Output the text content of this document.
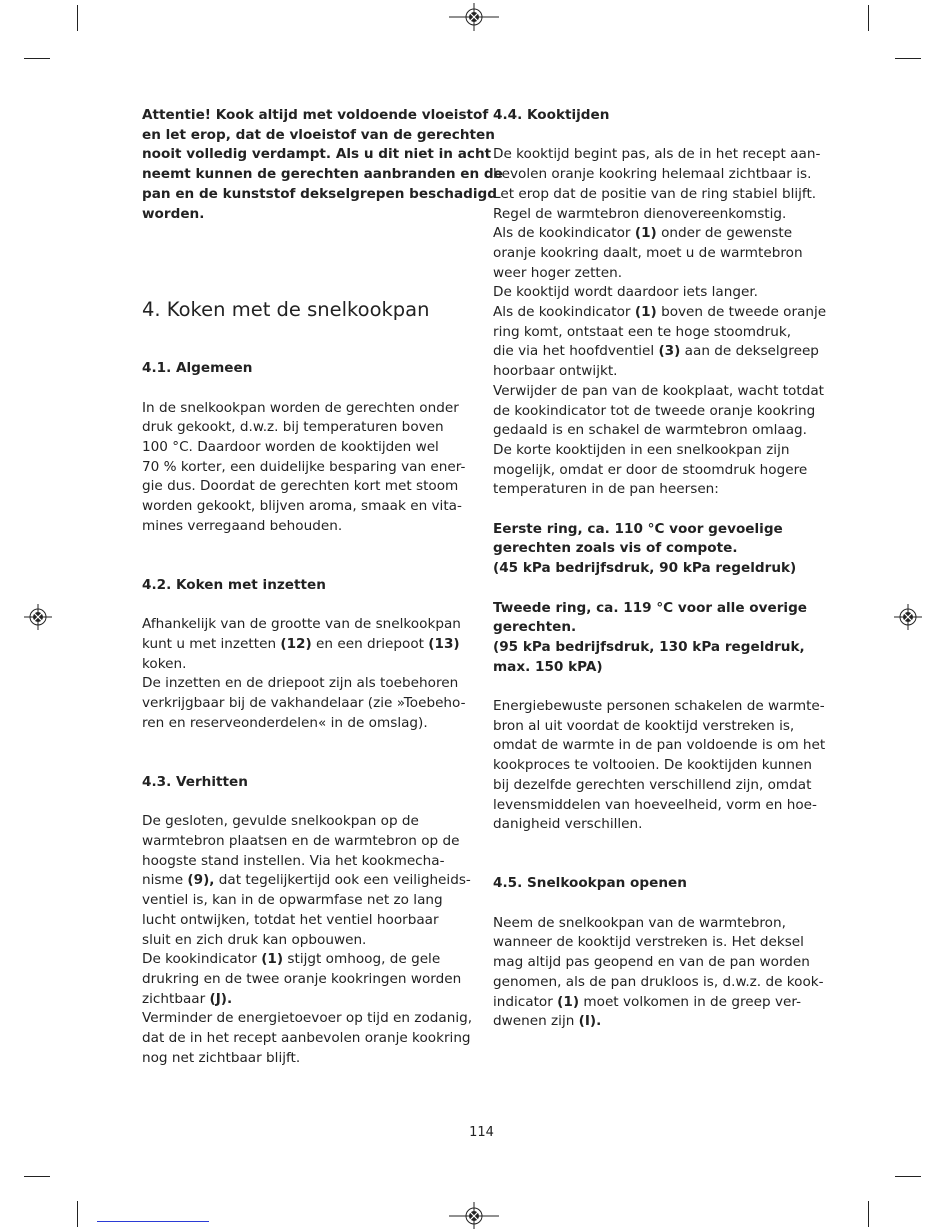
Attentie! Kook altijd met voldoende vloeistof
en let erop, dat de vloeistof van de gerechten
nooit volledig verdampt. Als u dit niet in acht
neemt kunnen de gerechten aanbranden en de
pan en de kunststof dekselgrepen beschadigd
worden.

4. Koken met de snelkookpan
4.1. Algemeen

In de snelkookpan worden de gerechten onder
druk gekookt, d.w.z. bij temperaturen boven
100 °C. Daardoor worden de kooktijden wel
70 % korter, een duidelijke besparing van ener-
gie dus. Doordat de gerechten kort met stoom
worden gekookt, blijven aroma, smaak en vita-
mines verregaand behouden.

4.2. Koken met inzetten

Afhankelijk van de grootte van de snelkookpan
kunt u met inzetten (12) en een driepoot (13)
koken.
De inzetten en de driepoot zijn als toebehoren
verkrijgbaar bij de vakhandelaar (zie »Toebeho-
ren en reserveonderdelen« in de omslag).

4.3. Verhitten

De gesloten, gevulde snelkookpan op de
warmtebron plaatsen en de warmtebron op de
hoogste stand instellen. Via het kookmecha-
nisme (9), dat tegelijkertijd ook een veiligheids-
ventiel is, kan in de opwarmfase net zo lang
lucht ontwijken, totdat het ventiel hoorbaar
sluit en zich druk kan opbouwen.
De kookindicator (1) stijgt omhoog, de gele
drukring en de twee oranje kookringen worden
zichtbaar (J).
Verminder de energietoevoer op tijd en zodanig,
dat de in het recept aanbevolen oranje kookring
nog net zichtbaar blijft.

4.4. Kooktijden

De kooktijd begint pas, als de in het recept aan-
bevolen oranje kookring helemaal zichtbaar is.
Let erop dat de positie van de ring stabiel blijft.
Regel de warmtebron dienovereenkomstig.
Als de kookindicator (1) onder de gewenste
oranje kookring daalt, moet u de warmtebron
weer hoger zetten.
De kooktijd wordt daardoor iets langer.
Als de kookindicator (1) boven de tweede oranje
ring komt, ontstaat een te hoge stoomdruk,
die via het hoofdventiel (3) aan de dekselgreep
hoorbaar ontwijkt.
Verwijder de pan van de kookplaat, wacht totdat
de kookindicator tot de tweede oranje kookring
gedaald is en schakel de warmtebron omlaag.
De korte kooktijden in een snelkookpan zijn
mogelijk, omdat er door de stoomdruk hogere
temperaturen in de pan heersen:

Eerste ring, ca. 110 °C voor gevoelige
gerechten zoals vis of compote.
(45 kPa bedrijfsdruk, 90 kPa regeldruk)

Tweede ring, ca. 119 °C voor alle overige
gerechten.
(95 kPa bedrijfsdruk, 130 kPa regeldruk,
max. 150 kPA)

Energiebewuste personen schakelen de warmte-
bron al uit voordat de kooktijd verstreken is,
omdat de warmte in de pan voldoende is om het
kookproces te voltooien. De kooktijden kunnen
bij dezelfde gerechten verschillend zijn, omdat
levensmiddelen van hoeveelheid, vorm en hoe-
danigheid verschillen.

4.5. Snelkookpan openen

Neem de snelkookpan van de warmtebron,
wanneer de kooktijd verstreken is. Het deksel
mag altijd pas geopend en van de pan worden
genomen, als de pan drukloos is, d.w.z. de kook-
indicator (1) moet volkomen in de greep ver-
dwenen zijn (I).

114
